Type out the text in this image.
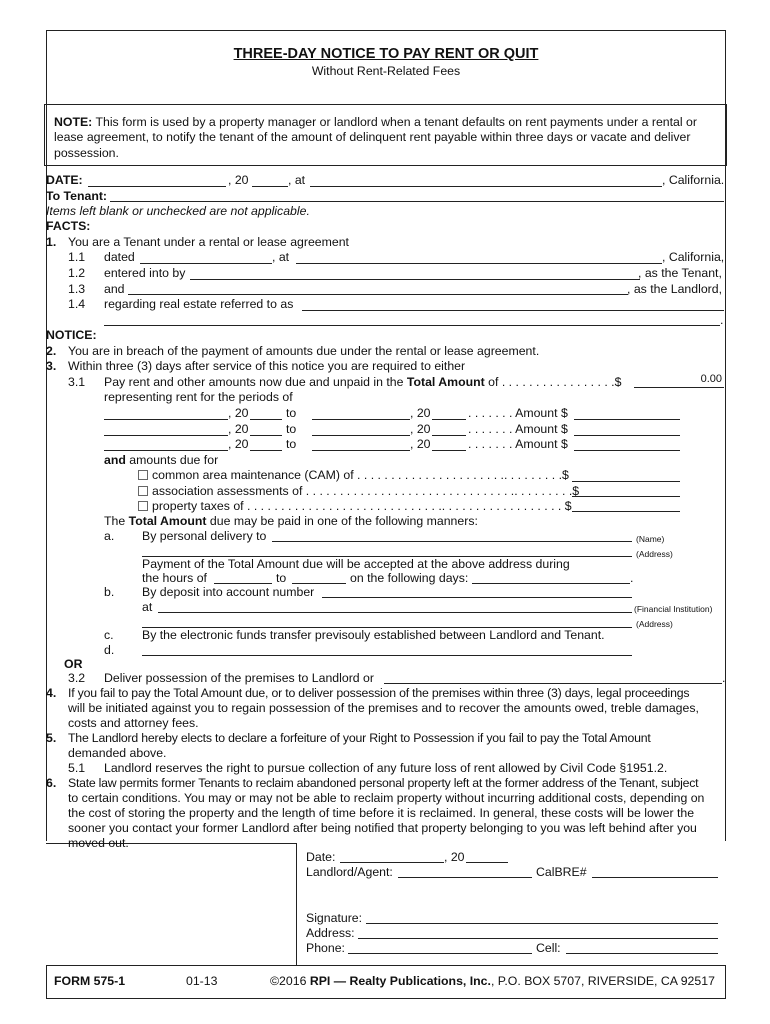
THREE-DAY NOTICE TO PAY RENT OR QUIT
Without Rent-Related Fees
NOTE: This form is used by a property manager or landlord when a tenant defaults on rent payments under a rental or
lease agreement, to notify the tenant of the amount of delinquent rent payable within three days or vacate and deliver
possession.
DATE:	, 20	, at	, California.
To Tenant:
Items left blank or unchecked are not applicable.
FACTS:
1. You are a Tenant under a rental or lease agreement
1.1 dated	, at	, California,
1.2 entered into by	, as the Tenant,
1.3 and	, as the Landlord,
1.4 regarding real estate referred to as
.
NOTICE:
2. You are in breach of the payment of amounts due under the rental or lease agreement.
3. Within three (3) days after service of this notice you are required to either
3.1 Pay rent and other amounts now due and unpaid in the Total Amount of . . . . . . . . . . . . . . . . .$	0.00
representing rent for the periods of
, 20	to	, 20	. . . . . . . Amount $
, 20	to	, 20	. . . . . . . Amount $
, 20	to	, 20	. . . . . . . Amount $
and amounts due for
common area maintenance (CAM) of . . . . . . . . . . . . . . . . . . . . . .. . . . . . . . .$
association assessments of . . . . . . . . . . . . . . . . . . . . . . . . . . . . . . .. . . . . . . . .$
property taxes of . . . . . . . . . . . . . . . . . . . . . . . . . . . . .. . . . . . . . . . . . . . . . . . $
The Total Amount due may be paid in one of the following manners:
a. By personal delivery to	(Name)
(Address)
Payment of the Total Amount due will be accepted at the above address during
the hours of	to	on the following days:	.
b. By deposit into account number
at	(Financial Institution)
(Address)
c. By the electronic funds transfer previsouly established between Landlord and Tenant.
d.
OR
3.2 Deliver possession of the premises to Landlord or	.
4. If you fail to pay the Total Amount due, or to deliver possession of the premises within three (3) days, legal proceedings
will be initiated against you to regain possession of the premises and to recover the amounts owed, treble damages,
costs and attorney fees.
5. The Landlord hereby elects to declare a forfeiture of your Right to Possession if you fail to pay the Total Amount
demanded above.
5.1 Landlord reserves the right to pursue collection of any future loss of rent allowed by Civil Code §1951.2.
6. State law permits former Tenants to reclaim abandoned personal property left at the former address of the Tenant, subject
to certain conditions. You may or may not be able to reclaim property without incurring additional costs, depending on
the cost of storing the property and the length of time before it is reclaimed. In general, these costs will be lower the
sooner you contact your former Landlord after being notified that property belonging to you was left behind after you
moved out.
Date:	, 20
Landlord/Agent:	CalBRE#
Signature:
Address:
Phone:	Cell:
FORM 575-1	01-13	©2016 RPI — Realty Publications, Inc., P.O. BOX 5707, RIVERSIDE, CA 92517
